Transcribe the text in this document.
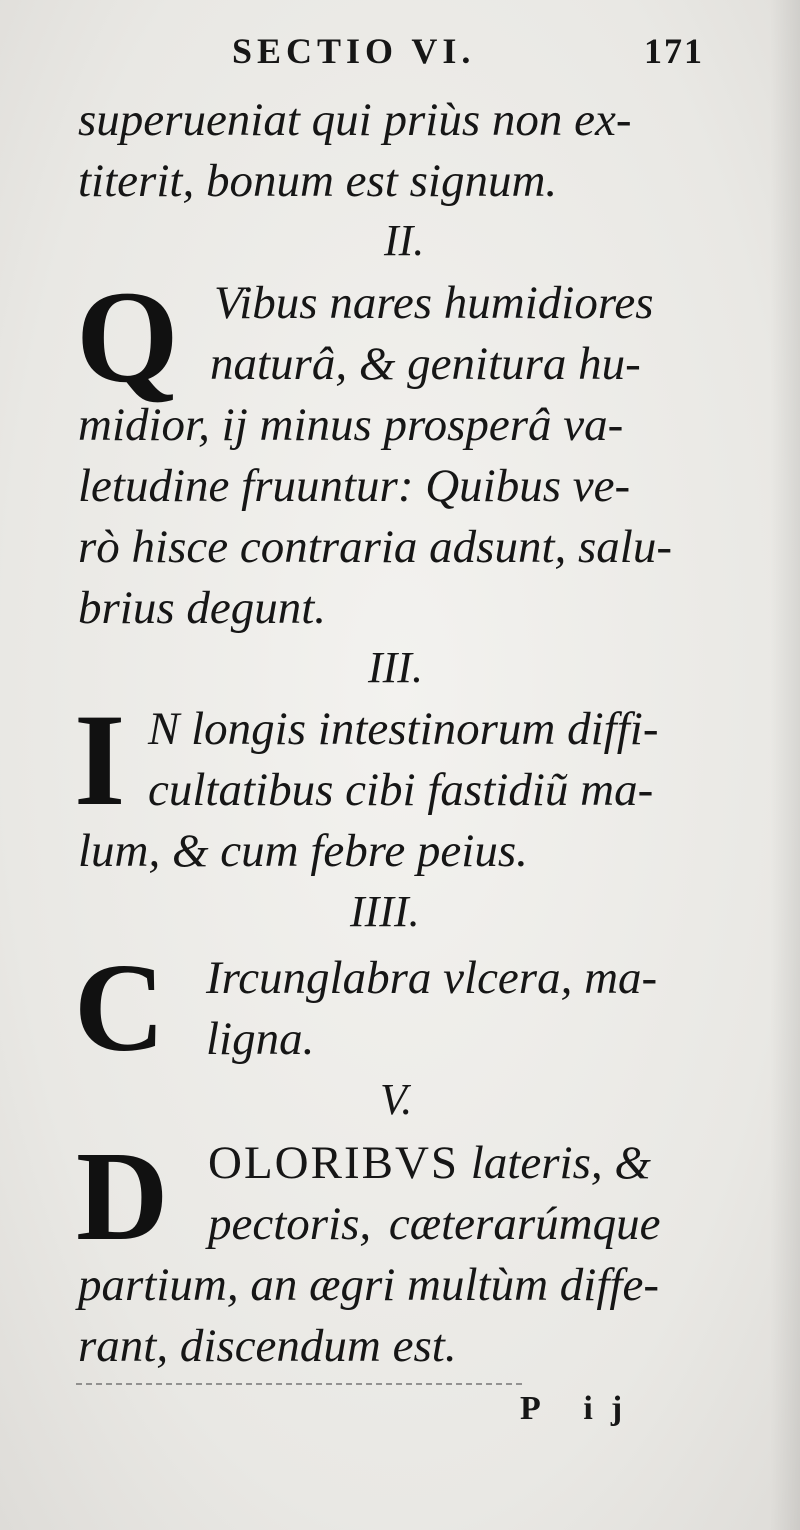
SECTIO VI.	171
superueniat qui priùs non ex-
titerit, bonum est signum.
II.
Q Vibus nares humidiores
naturâ, & genitura hu-
midior, ij minus prosperâ va-
letudine fruuntur: Quibus ve-
rò hisce contraria adsunt, salu-
brius degunt.
III.
I N longis intestinorum diffi-
cultatibus cibi fastidiũ ma-
lum, & cum febre peius.
IIII.
C Ircunglabra vlcera, ma-
ligna.
V.
D OLORIBVS lateris, &
pectoris, cæterarúmque
partium, an ægri multùm diffe-
rant, discendum est.
P ij
